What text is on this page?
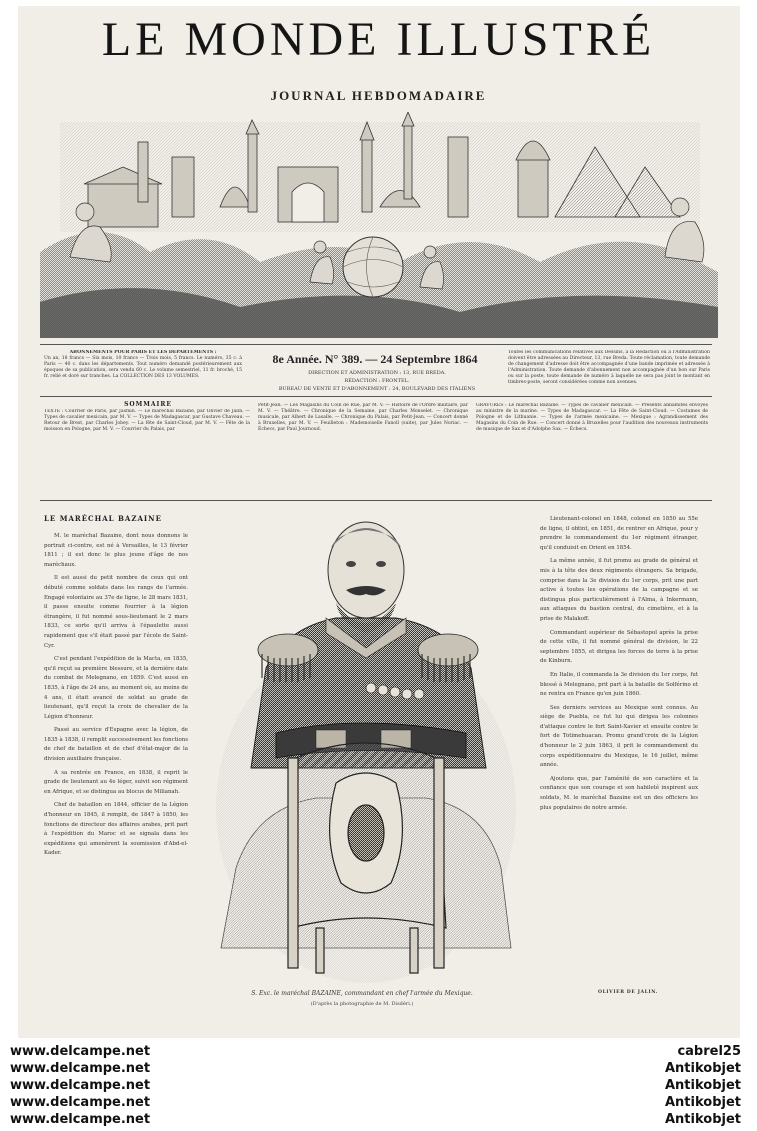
LE MONDE ILLUSTRÉ
JOURNAL HEBDOMADAIRE
ABONNEMENTS POUR PARIS ET LES DÉPARTEMENTS :
Un an, 18 francs — Six mois, 10 francs — Trois mois, 5 francs. Le numéro, 35 c. à Paris — 40 c. dans les départements. Tout numéro demandé postérieurement aux époques de sa publication, sera vendu 60 c. Le volume semestriel, 11 fr. broché, 15 fr. relié et doré sur tranches. La COLLECTION DES 13 VOLUMES.
8e Année. N° 389. — 24 Septembre 1864
DIRECTION ET ADMINISTRATION : 13, RUE BREDA.
RÉDACTION : FRONTEL.
BUREAU DE VENTE ET D'ABONNEMENT : 24, BOULEVARD DES ITALIENS
Toutes les communications relatives aux Dessins, à la Rédaction ou à l'Administration doivent être adressées au Directeur, 13, rue Breda. Toute réclamation, toute demande de changement d'adresse doit être accompagnée d'une bande imprimée et adressée à l'Administration. Toute demande d'abonnement non accompagnée d'un bon sur Paris ou sur la poste, toute demande de numéro à laquelle ne sera pas joint le montant en timbres-poste, seront considérées comme non avenues.
SOMMAIRE
TEXTE : Courrier de Paris, par Jasmin. — Le maréchal Bazaine, par Olivier de Jalin. — Types de cavalier mexicain, par M. V. — Types de Madagascar, par Gustave Chaveau. — Retour de Brest, par Charles Jobey. — La fête de Saint-Cloud, par M. V. — Fête de la moisson en Pologne, par M. V. — Courrier du Palais, par
Petit-Jean. — Les Magasins du Coin de Rue, par M. V. — Histoire de l'Ordre militaire, par M. V. — Théâtre. — Chronique de la Semaine, par Charles Monselet. — Chronique musicale, par Albert de Lasalle. — Chronique du Palais, par Petit-Jean. — Concert donné à Bruxelles, par M. V. — Feuilleton : Mademoiselle Fanoll (suite), par Jules Noriac. — Échecs, par Paul Journoud.
GRAVURES : Le maréchal Bazaine. — Types de cavalier mexicain. — Présents annamites envoyés au ministre de la marine. — Types de Madagascar. — La Fête de Saint-Cloud. — Costumes de Pologne et de Lithuanie. — Types de l'armée mexicaine. — Mexique : Agrandissement des Magasins du Coin de Rue. — Concert donné à Bruxelles pour l'audition des nouveaux instruments de musique de Sax et d'Adolphe Sax. — Échecs.
LE MARÉCHAL BAZAINE

M. le maréchal Bazaine, dont nous donnons le portrait ci-contre, est né à Versailles, le 13 février 1811 ; il est donc le plus jeune d'âge de nos maréchaux.

Il est aussi du petit nombre de ceux qui ont débuté comme soldats dans les rangs de l'armée. Engagé volontaire au 37e de ligne, le 28 mars 1831, il passe ensuite comme fourrier à la légion étrangère, il fut nommé sous-lieutenant le 2 mars 1833, ce sorte qu'il arriva à l'épaulette aussi rapidement que s'il était passé par l'école de Saint-Cyr.

C'est pendant l'expédition de la Macta, en 1835, qu'il reçut sa première blessure, et la dernière date du combat de Melegnano, en 1859. C'est aussi en 1835, à l'âge de 24 ans, au moment où, au moins de 4 ans, il était avancé de soldat au grade de lieutenant, qu'il reçut la croix de chevalier de la Légion d'honneur.

Passé au service d'Espagne avec la légion, de 1835 à 1838, il remplit successivement les fonctions de chef de bataillon et de chef d'état-major de la division auxiliaire française.

A sa rentrée en France, en 1838, il reprit le grade de lieutenant au 4e léger, suivit son régiment en Afrique, et se distingua au blocus de Milianah.

Chef de bataillon en 1844, officier de la Légion d'honneur en 1845, il remplit, de 1847 à 1850, les fonctions de directeur des affaires arabes, prit part à l'expédition du Maroc et se signala dans les expéditions qui amenèrent la soumission d'Abd-el-Kader.

Lieutenant-colonel en 1848, colonel en 1850 au 55e de ligne, il obtint, en 1851, de rentrer en Afrique, pour y prendre le commandement du 1er régiment étranger, qu'il conduisit en Orient en 1854.

La même année, il fut promu au grade de général et mis à la tête des deux régiments étrangers. Sa brigade, comprise dans la 3e division du 1er corps, prit une part active à toutes les opérations de la campagne et se distingua plus particulièrement à l'Alma, à Inkermann, aux attaques du bastion central, du cimetière, et à la prise de Malakoff.

Commandant supérieur de Sébastopol après la prise de cette ville, il fut nommé général de division, le 22 septembre 1855, et dirigea les forces de terre à la prise de Kinburn.

En Italie, il commanda la 3e division du 1er corps, fut blessé à Melegnano, prit part à la bataille de Solférino et ne rentra en France qu'en juin 1860.

Ses derniers services au Mexique sont connus. Au siège de Puebla, ce fut lui qui dirigea les colonnes d'attaque contre le fort Saint-Xavier et ensuite contre le fort de Totimehuacan. Promu grand'croix de la Légion d'honneur le 2 juin 1863, il prit le commandement du corps expéditionnaire du Mexique, le 16 juillet, même année.

Ajoutons que, par l'aménité de son caractère et la confiance que son courage et son habileté inspirent aux soldats, M. le maréchal Bazaine est un des officiers les plus populaires de notre armée.

S. Exc. le maréchal BAZAINE, commandant en chef l'armée du Mexique.
(D'après la photographie de M. Disdéri.)
OLIVIER DE JALIN.
www.delcampe.net
www.delcampe.net
www.delcampe.net
www.delcampe.net
www.delcampe.net
cabrel25
Antikobjet
Antikobjet
Antikobjet
Antikobjet
